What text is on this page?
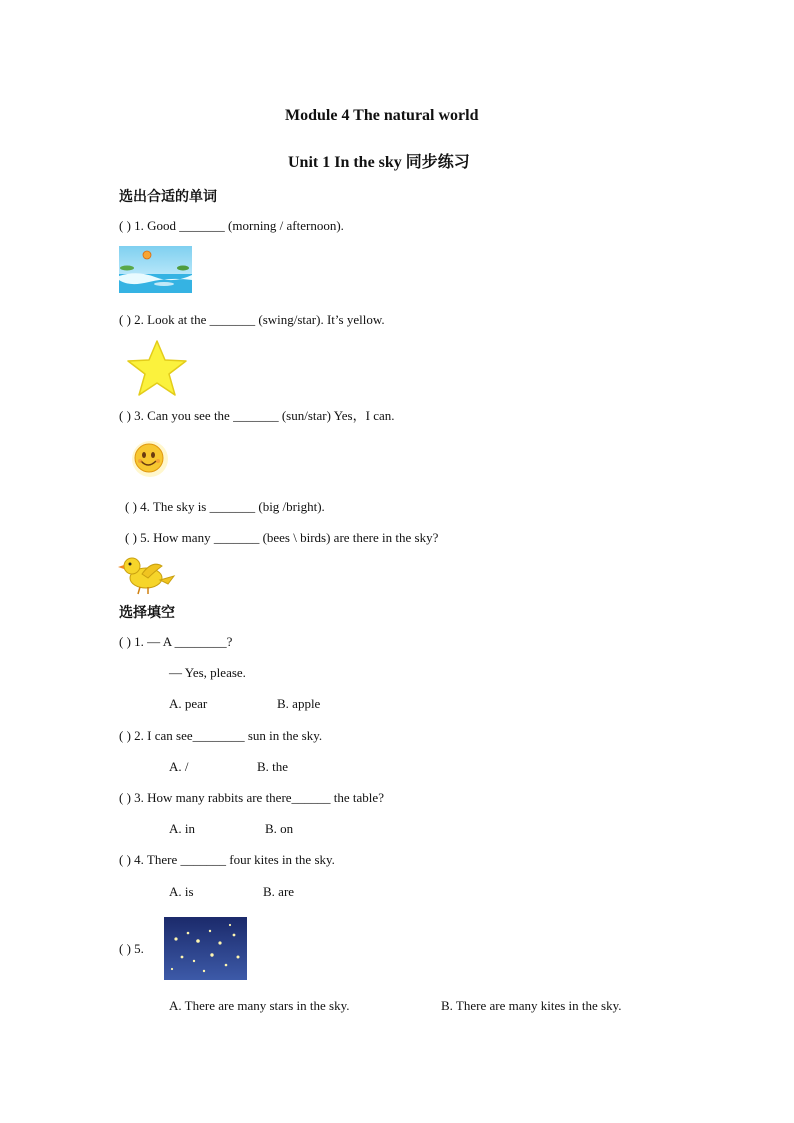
Module 4 The natural world
Unit 1 In the sky 同步练习
选出合适的单词
( ) 1. Good _______ (morning / afternoon).
( ) 2. Look at the _______ (swing/star). It’s yellow.
( ) 3. Can you see the _______ (sun/star) Yes，I can.
( ) 4. The sky is _______ (big /bright).
( ) 5. How many _______ (bees \ birds) are there in the sky?
选择填空
( ) 1. — A ________?
— Yes, please.
A. pear	B. apple
( ) 2. I can see________ sun in the sky.
A. /	B. the
( ) 3. How many rabbits are there______ the table?
A. in	B. on
( ) 4. There _______ four kites in the sky.
A. is	B. are
( ) 5.
A. There are many stars in the sky.	B. There are many kites in the sky.
